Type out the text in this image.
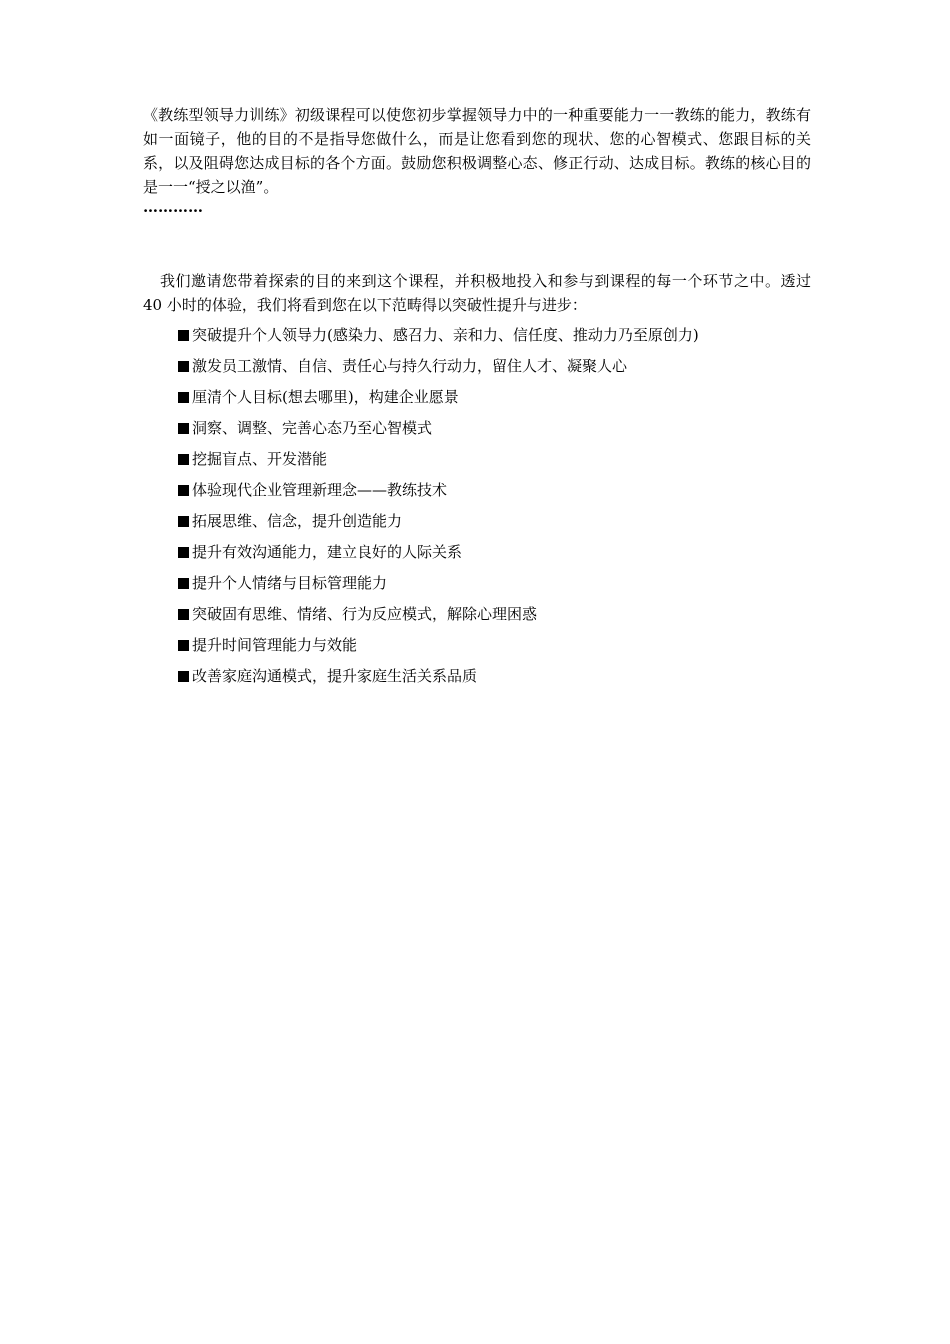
《教练型领导力训练》初级课程可以使您初步掌握领导力中的一种重要能力一一教练的能力，教练有如一面镜子，他的目的不是指导您做什么，而是让您看到您的现状、您的心智模式、您跟目标的关系，以及阻碍您达成目标的各个方面。鼓励您积极调整心态、修正行动、达成目标。教练的核心目的是一一“授之以渔”。

…………

我们邀请您带着探索的目的来到这个课程，并积极地投入和参与到课程的每一个环节之中。透过 40 小时的体验，我们将看到您在以下范畴得以突破性提升与进步：

突破提升个人领导力(感染力、感召力、亲和力、信任度、推动力乃至原创力)
激发员工激情、自信、责任心与持久行动力，留住人才、凝聚人心
厘清个人目标(想去哪里)，构建企业愿景
洞察、调整、完善心态乃至心智模式
挖掘盲点、开发潜能
体验现代企业管理新理念——教练技术
拓展思维、信念，提升创造能力
提升有效沟通能力，建立良好的人际关系
提升个人情绪与目标管理能力
突破固有思维、情绪、行为反应模式，解除心理困惑
提升时间管理能力与效能
改善家庭沟通模式，提升家庭生活关系品质
